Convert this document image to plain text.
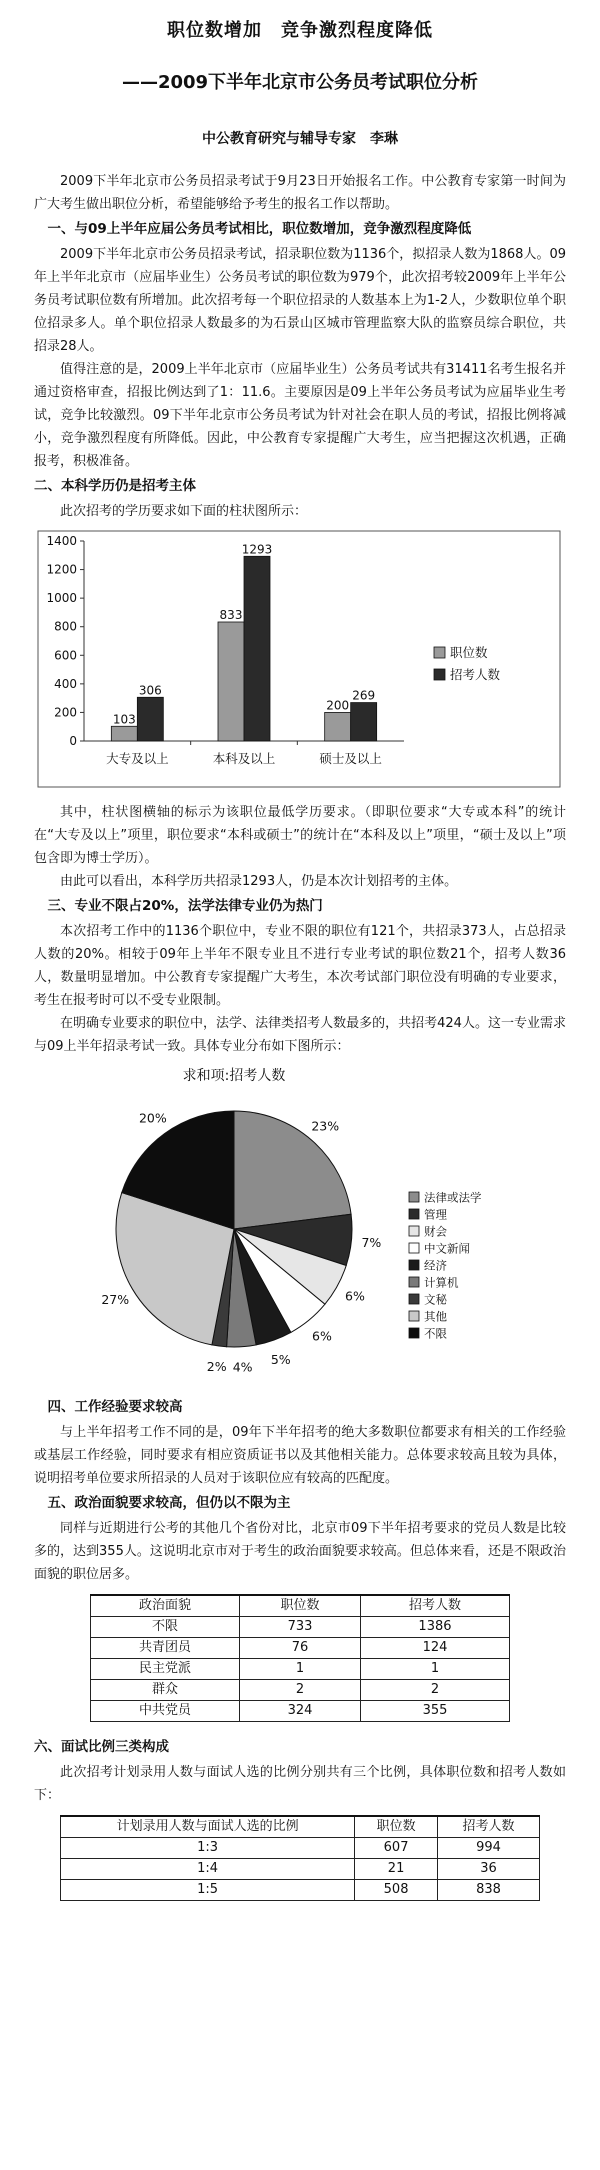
职位数增加　竞争激烈程度降低
——2009下半年北京市公务员考试职位分析
中公教育研究与辅导专家　李琳

2009下半年北京市公务员招录考试于9月23日开始报名工作。中公教育专家第一时间为广大考生做出职位分析，希望能够给予考生的报名工作以帮助。

一、与09上半年应届公务员考试相比，职位数增加，竞争激烈程度降低

2009下半年北京市公务员招录考试，招录职位数为1136个，拟招录人数为1868人。09年上半年北京市（应届毕业生）公务员考试的职位数为979个，此次招考较2009年上半年公务员考试职位数有所增加。此次招考每一个职位招录的人数基本上为1-2人，少数职位单个职位招录多人。单个职位招录人数最多的为石景山区城市管理监察大队的监察员综合职位，共招录28人。

值得注意的是，2009上半年北京市（应届毕业生）公务员考试共有31411名考生报名并通过资格审查，招报比例达到了1：11.6。主要原因是09上半年公务员考试为应届毕业生考试，竞争比较激烈。09下半年北京市公务员考试为针对社会在职人员的考试，招报比例将减小，竞争激烈程度有所降低。因此，中公教育专家提醒广大考生，应当把握这次机遇，正确报考，积极准备。

二、本科学历仍是招考主体

此次招考的学历要求如下面的柱状图所示：

0
200
400
600
800
1000
1200
1400
103
306
大专及以上
833
1293
本科及以上
200
269
硕士及以上
职位数
招考人数

其中，柱状图横轴的标示为该职位最低学历要求。（即职位要求“大专或本科”的统计在“大专及以上”项里，职位要求“本科或硕士”的统计在“本科及以上”项里，“硕士及以上”项包含即为博士学历）。

由此可以看出，本科学历共招录1293人，仍是本次计划招考的主体。

三、专业不限占20%，法学法律专业仍为热门

本次招考工作中的1136个职位中，专业不限的职位有121个，共招录373人，占总招录人数的20%。相较于09年上半年不限专业且不进行专业考试的职位数21个，招考人数36人，数量明显增加。中公教育专家提醒广大考生，本次考试部门职位没有明确的专业要求，考生在报考时可以不受专业限制。

在明确专业要求的职位中，法学、法律类招考人数最多的，共招考424人。这一专业需求与09上半年招录考试一致。具体专业分布如下图所示：

求和项:招考人数
23%
7%
6%
6%
5%
4%
2%
27%
20%
法律或法学
管理
财会
中文新闻
经济
计算机
文秘
其他
不限
四、工作经验要求较高

与上半年招考工作不同的是，09年下半年招考的绝大多数职位都要求有相关的工作经验或基层工作经验，同时要求有相应资质证书以及其他相关能力。总体要求较高且较为具体，说明招考单位要求所招录的人员对于该职位应有较高的匹配度。

五、政治面貌要求较高，但仍以不限为主

同样与近期进行公考的其他几个省份对比，北京市09下半年招考要求的党员人数是比较多的，达到355人。这说明北京市对于考生的政治面貌要求较高。但总体来看，还是不限政治面貌的职位居多。

政治面貌	职位数	招考人数
不限	733	1386
共青团员	76	124
民主党派	1	1
群众	2	2
中共党员	324	355
六、面试比例三类构成

此次招考计划录用人数与面试人选的比例分别共有三个比例，具体职位数和招考人数如下：

计划录用人数与面试人选的比例	职位数	招考人数
1:3	607	994
1:4	21	36
1:5	508	838
